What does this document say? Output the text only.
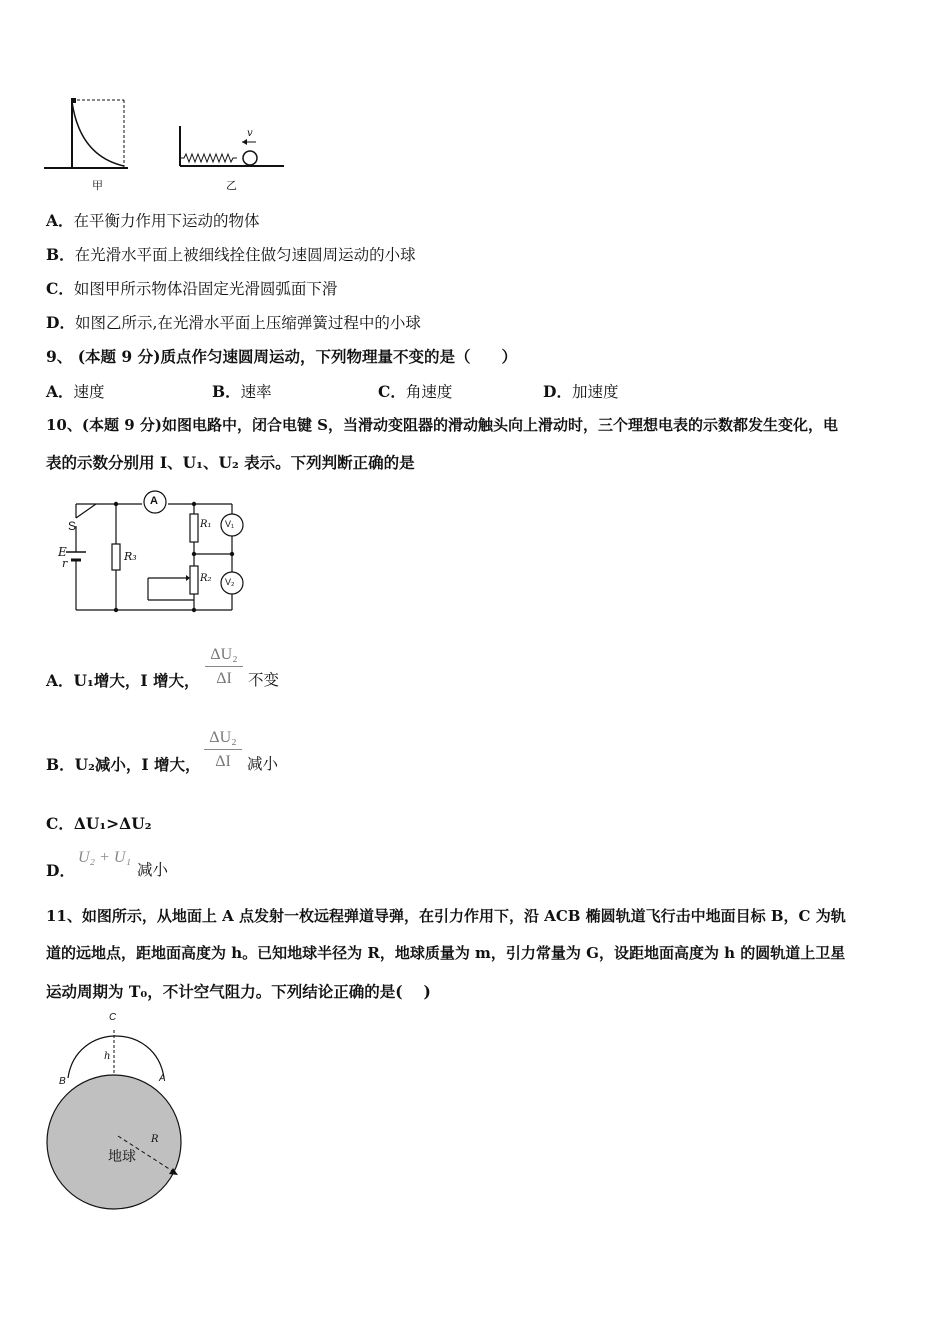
甲
v
乙
A．在平衡力作用下运动的物体
B．在光滑水平面上被细线拴住做匀速圆周运动的小球
C．如图甲所示物体沿固定光滑圆弧面下滑
D．如图乙所示,在光滑水平面上压缩弹簧过程中的小球
9、 (本题 9 分)质点作匀速圆周运动，下列物理量不变的是（　　）
A．速度	B．速率	C．角速度	D．加速度
10、(本题 9 分)如图电路中，闭合电键 S，当滑动变阻器的滑动触头向上滑动时，三个理想电表的示数都发生变化，电
表的示数分别用 I、U₁、U₂ 表示。下列判断正确的是
A
S
E
r
R₃
R₁
R₂
V₁
V₂
A．U₁增大，I 增大，
ΔU₂
ΔI	不变
B．U₂减小，I 增大，
ΔU₂
ΔI	减小
C．ΔU₁>ΔU₂
D．
U₂ + U₁
减小
11、如图所示，从地面上 A 点发射一枚远程弹道导弹，在引力作用下，沿 ACB 椭圆轨道飞行击中地面目标 B，C 为轨
道的远地点，距地面高度为 h。已知地球半径为 R，地球质量为 m，引力常量为 G，设距地面高度为 h 的圆轨道上卫星
运动周期为 T₀，不计空气阻力。下列结论正确的是(　 )
C
h
B	A
R
地球
